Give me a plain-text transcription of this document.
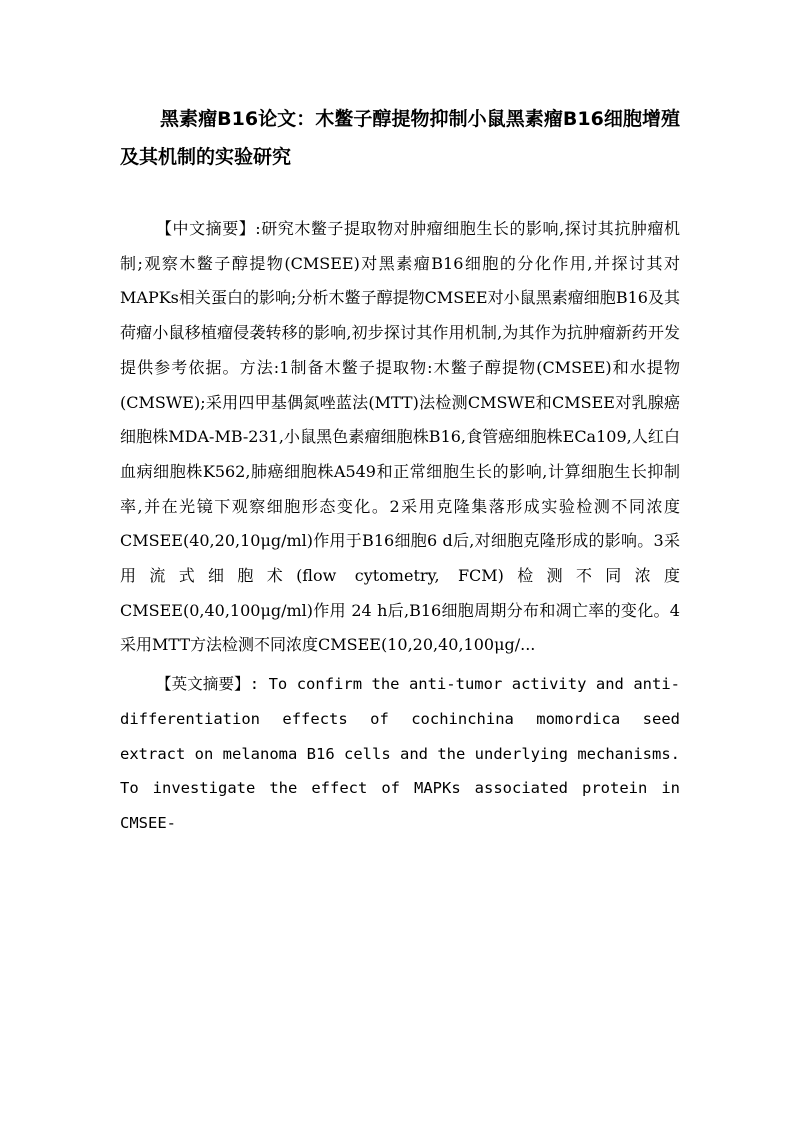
黑素瘤B16论文：木鳖子醇提物抑制小鼠黑素瘤B16细胞增殖及其机制的实验研究

【中文摘要】:研究木鳖子提取物对肿瘤细胞生长的影响,探讨其抗肿瘤机制;观察木鳖子醇提物(CMSEE)对黑素瘤B16细胞的分化作用,并探讨其对MAPKs相关蛋白的影响;分析木鳖子醇提物CMSEE对小鼠黑素瘤细胞B16及其荷瘤小鼠移植瘤侵袭转移的影响,初步探讨其作用机制,为其作为抗肿瘤新药开发提供参考依据。方法:1制备木鳖子提取物:木鳖子醇提物(CMSEE)和水提物(CMSWE);采用四甲基偶氮唑蓝法(MTT)法检测CMSWE和CMSEE对乳腺癌细胞株MDA-MB-231,小鼠黑色素瘤细胞株B16,食管癌细胞株ECa109,人红白血病细胞株K562,肺癌细胞株A549和正常细胞生长的影响,计算细胞生长抑制率,并在光镜下观察细胞形态变化。2采用克隆集落形成实验检测不同浓度CMSEE(40,20,10μg/ml)作用于B16细胞6 d后,对细胞克隆形成的影响。3采用流式细胞术(flow cytometry, FCM)检测不同浓度CMSEE(0,40,100μg/ml)作用 24 h后,B16细胞周期分布和凋亡率的变化。4采用MTT方法检测不同浓度CMSEE(10,20,40,100μg/...

【英文摘要】: To confirm the anti-tumor activity and anti-differentiation effects of cochinchina momordica seed extract on melanoma B16 cells and the underlying mechanisms. To investigate the effect of MAPKs associated protein in CMSEE-
